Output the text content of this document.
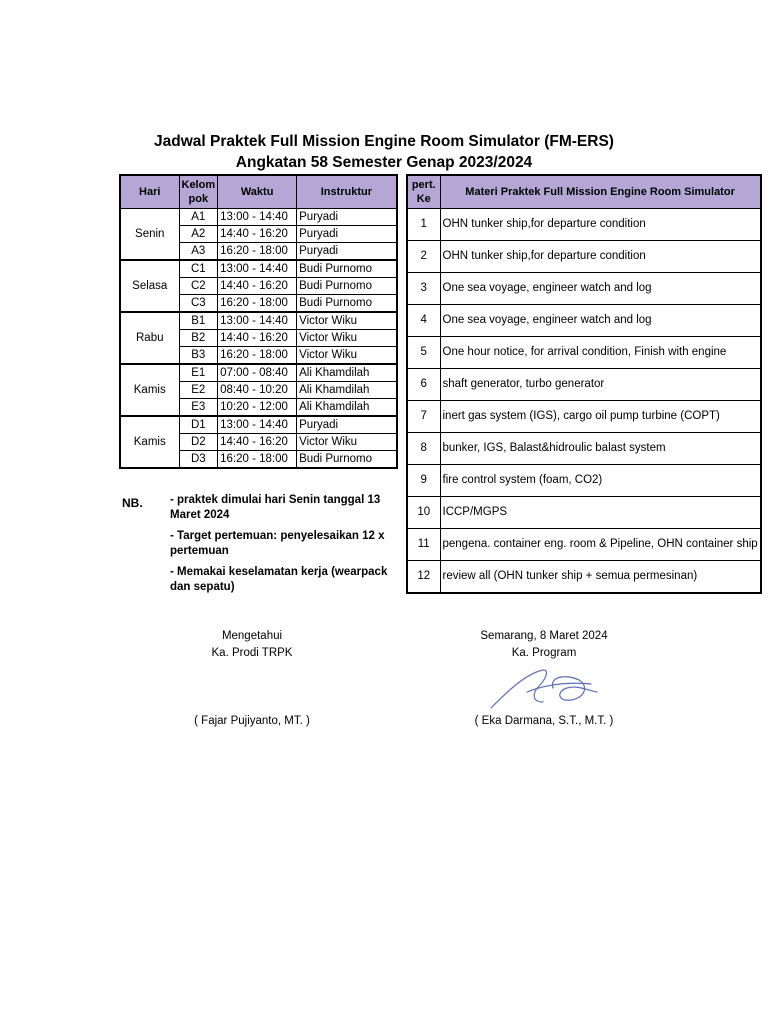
Jadwal Praktek Full Mission Engine Room Simulator (FM-ERS)
Angkatan 58 Semester Genap 2023/2024
Hari	Kelom pok	Waktu	Instruktur
Senin	A1	13:00 - 14:40	Puryadi
	A2	14:40 - 16:20	Puryadi
	A3	16:20 - 18:00	Puryadi
Selasa	C1	13:00 - 14:40	Budi Purnomo
	C2	14:40 - 16:20	Budi Purnomo
	C3	16:20 - 18:00	Budi Purnomo
Rabu	B1	13:00 - 14:40	Victor Wiku
	B2	14:40 - 16:20	Victor Wiku
	B3	16:20 - 18:00	Victor Wiku
Kamis	E1	07:00 - 08:40	Ali Khamdilah
	E2	08:40 - 10:20	Ali Khamdilah
	E3	10:20 - 12:00	Ali Khamdilah
Kamis	D1	13:00 - 14:40	Puryadi
	D2	14:40 - 16:20	Victor Wiku
	D3	16:20 - 18:00	Budi Purnomo
pert. Ke	Materi Praktek Full Mission Engine Room Simulator
1	OHN tunker ship,for departure condition
2	OHN tunker ship,for departure condition
3	One sea voyage, engineer watch and log
4	One sea voyage, engineer watch and log
5	One hour notice, for arrival condition, Finish with engine
6	shaft generator, turbo generator
7	inert gas system (IGS), cargo oil pump turbine (COPT)
8	bunker, IGS, Balast&hidroulic balast system
9	fire control system (foam, CO2)
10	ICCP/MGPS
11	pengena. container eng. room & Pipeline, OHN container ship
12	review all (OHN tunker ship + semua permesinan)
NB. - praktek dimulai hari Senin tanggal 13 Maret 2024
- Target pertemuan: penyelesaikan 12 x pertemuan
- Memakai keselamatan kerja (wearpack dan sepatu)
Mengetahui
Ka. Prodi TRPK
( Fajar Pujiyanto, MT. )
Semarang, 8 Maret 2024
Ka. Program
( Eka Darmana, S.T., M.T. )
